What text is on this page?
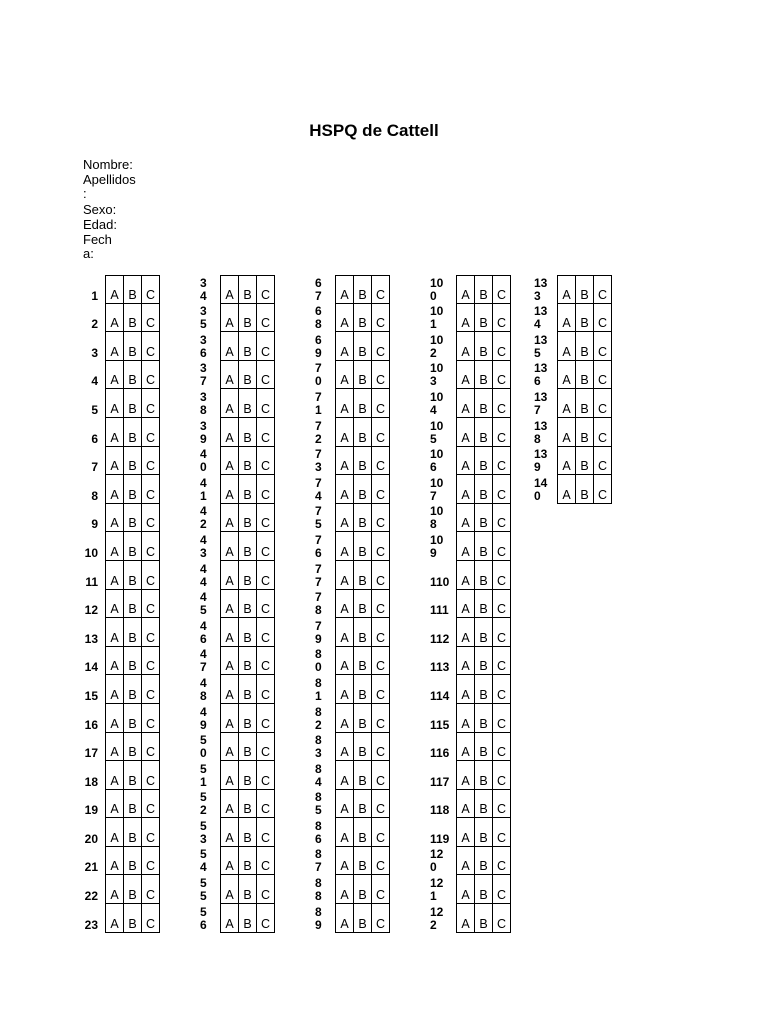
HSPQ de Cattell
Nombre:
Apellidos
:
Sexo:
Edad:
Fech
a:
1 A B C
2 A B C
3 A B C
4 A B C
5 A B C
6 A B C
7 A B C
8 A B C
9 A B C
10 A B C
11 A B C
12 A B C
13 A B C
14 A B C
15 A B C
16 A B C
17 A B C
18 A B C
19 A B C
20 A B C
21 A B C
22 A B C
23 A B C
34	A B C
35	A B C
36	A B C
37	A B C
38	A B C
39	A B C
40	A B C
41	A B C
42	A B C
43	A B C
44	A B C
45	A B C
46	A B C
47	A B C
48	A B C
49	A B C
50	A B C
51	A B C
52	A B C
53	A B C
54	A B C
55	A B C
56	A B C
67	A B C
68	A B C
69	A B C
70	A B C
71	A B C
72	A B C
73	A B C
74	A B C
75	A B C
76	A B C
77	A B C
78	A B C
79	A B C
80	A B C
81	A B C
82	A B C
83	A B C
84	A B C
85	A B C
86	A B C
87	A B C
88	A B C
89	A B C
100	A B C
101	A B C
102	A B C
103	A B C
104	A B C
105	A B C
106	A B C
107	A B C
108	A B C
109	A B C
110 A B C
111	A B C
112 A B C
113 A B C
114 A B C
115 A B C
116 A B C
117 A B C
118 A B C
119 A B C
120	A B C
121	A B C
122	A B C
133	A B C
134	A B C
135	A B C
136	A B C
137	A B C
138	A B C
139	A B C
140	A B C
